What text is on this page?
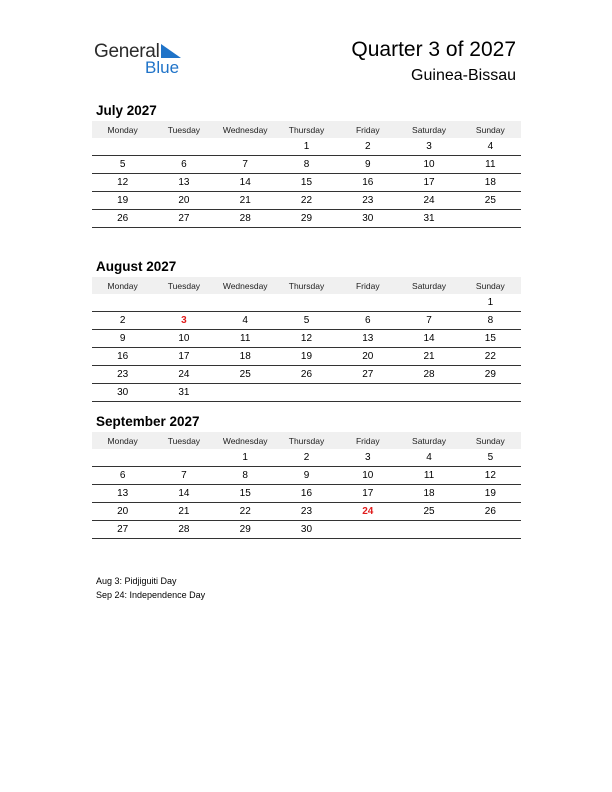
General
Blue
Quarter 3 of 2027
Guinea-Bissau
July 2027
Monday	Tuesday	Wednesday	Thursday	Friday	Saturday	Sunday
			1	2	3	4
5	6	7	8	9	10	11
12	13	14	15	16	17	18
19	20	21	22	23	24	25
26	27	28	29	30	31	
August 2027
Monday	Tuesday	Wednesday	Thursday	Friday	Saturday	Sunday
						1
2	3	4	5	6	7	8
9	10	11	12	13	14	15
16	17	18	19	20	21	22
23	24	25	26	27	28	29
30	31					
September 2027
Monday	Tuesday	Wednesday	Thursday	Friday	Saturday	Sunday
		1	2	3	4	5
6	7	8	9	10	11	12
13	14	15	16	17	18	19
20	21	22	23	24	25	26
27	28	29	30			
Aug 3: Pidjiguiti Day
Sep 24: Independence Day
